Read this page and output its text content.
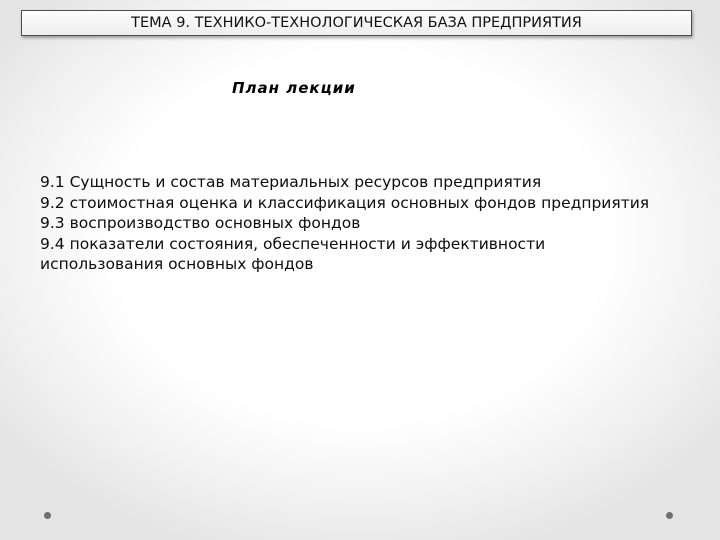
ТЕМА 9. ТЕХНИКО-ТЕХНОЛОГИЧЕСКАЯ БАЗА ПРЕДПРИЯТИЯ
План лекции
9.1 Сущность и состав материальных ресурсов предприятия
9.2 стоимостная оценка и классификация основных фондов предприятия
9.3 воспроизводство основных фондов
9.4 показатели состояния, обеспеченности и эффективности использования основных фондов
